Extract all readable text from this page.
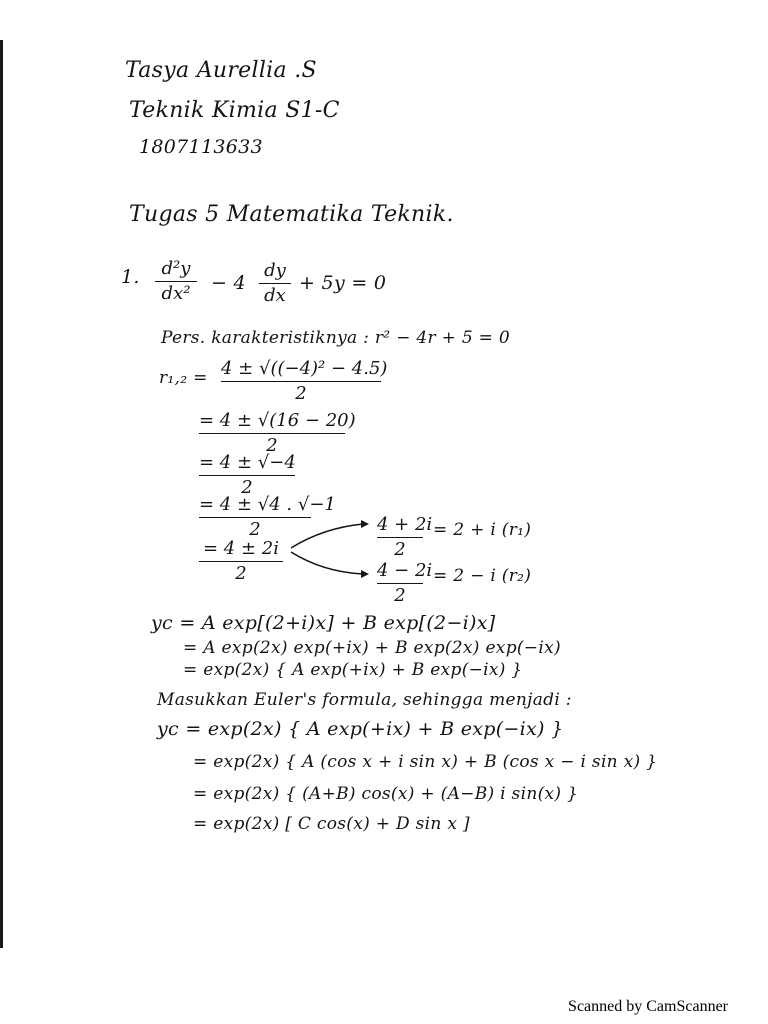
Tasya Aurellia .S
Teknik Kimia S1-C
1807113633
Tugas 5 Matematika Teknik.
1.	d²y
dx²	− 4
dy
dx
+ 5y = 0
Pers. karakteristiknya : r² − 4r + 5 = 0
r₁,₂ = 4 ± √((−4)² − 4.5)
2
= 4 ± √(16 − 20)
2
= 4 ± √−4
2
= 4 ± √4 . √−1
2
= 4 ± 2i
2
4 + 2i
2
= 2 + i (r₁)
4 − 2i
2
= 2 − i (r₂)
yc = A exp[(2+i)x] + B exp[(2−i)x]
= A exp(2x) exp(+ix) + B exp(2x) exp(−ix)
= exp(2x) { A exp(+ix) + B exp(−ix) }
Masukkan Euler's formula, sehingga menjadi :
yc = exp(2x) { A exp(+ix) + B exp(−ix) }
= exp(2x) { A (cos x + i sin x) + B (cos x − i sin x) }
= exp(2x) { (A+B) cos(x) + (A−B) i sin(x) }
= exp(2x) [ C cos(x) + D sin x ]
Scanned by CamScanner
